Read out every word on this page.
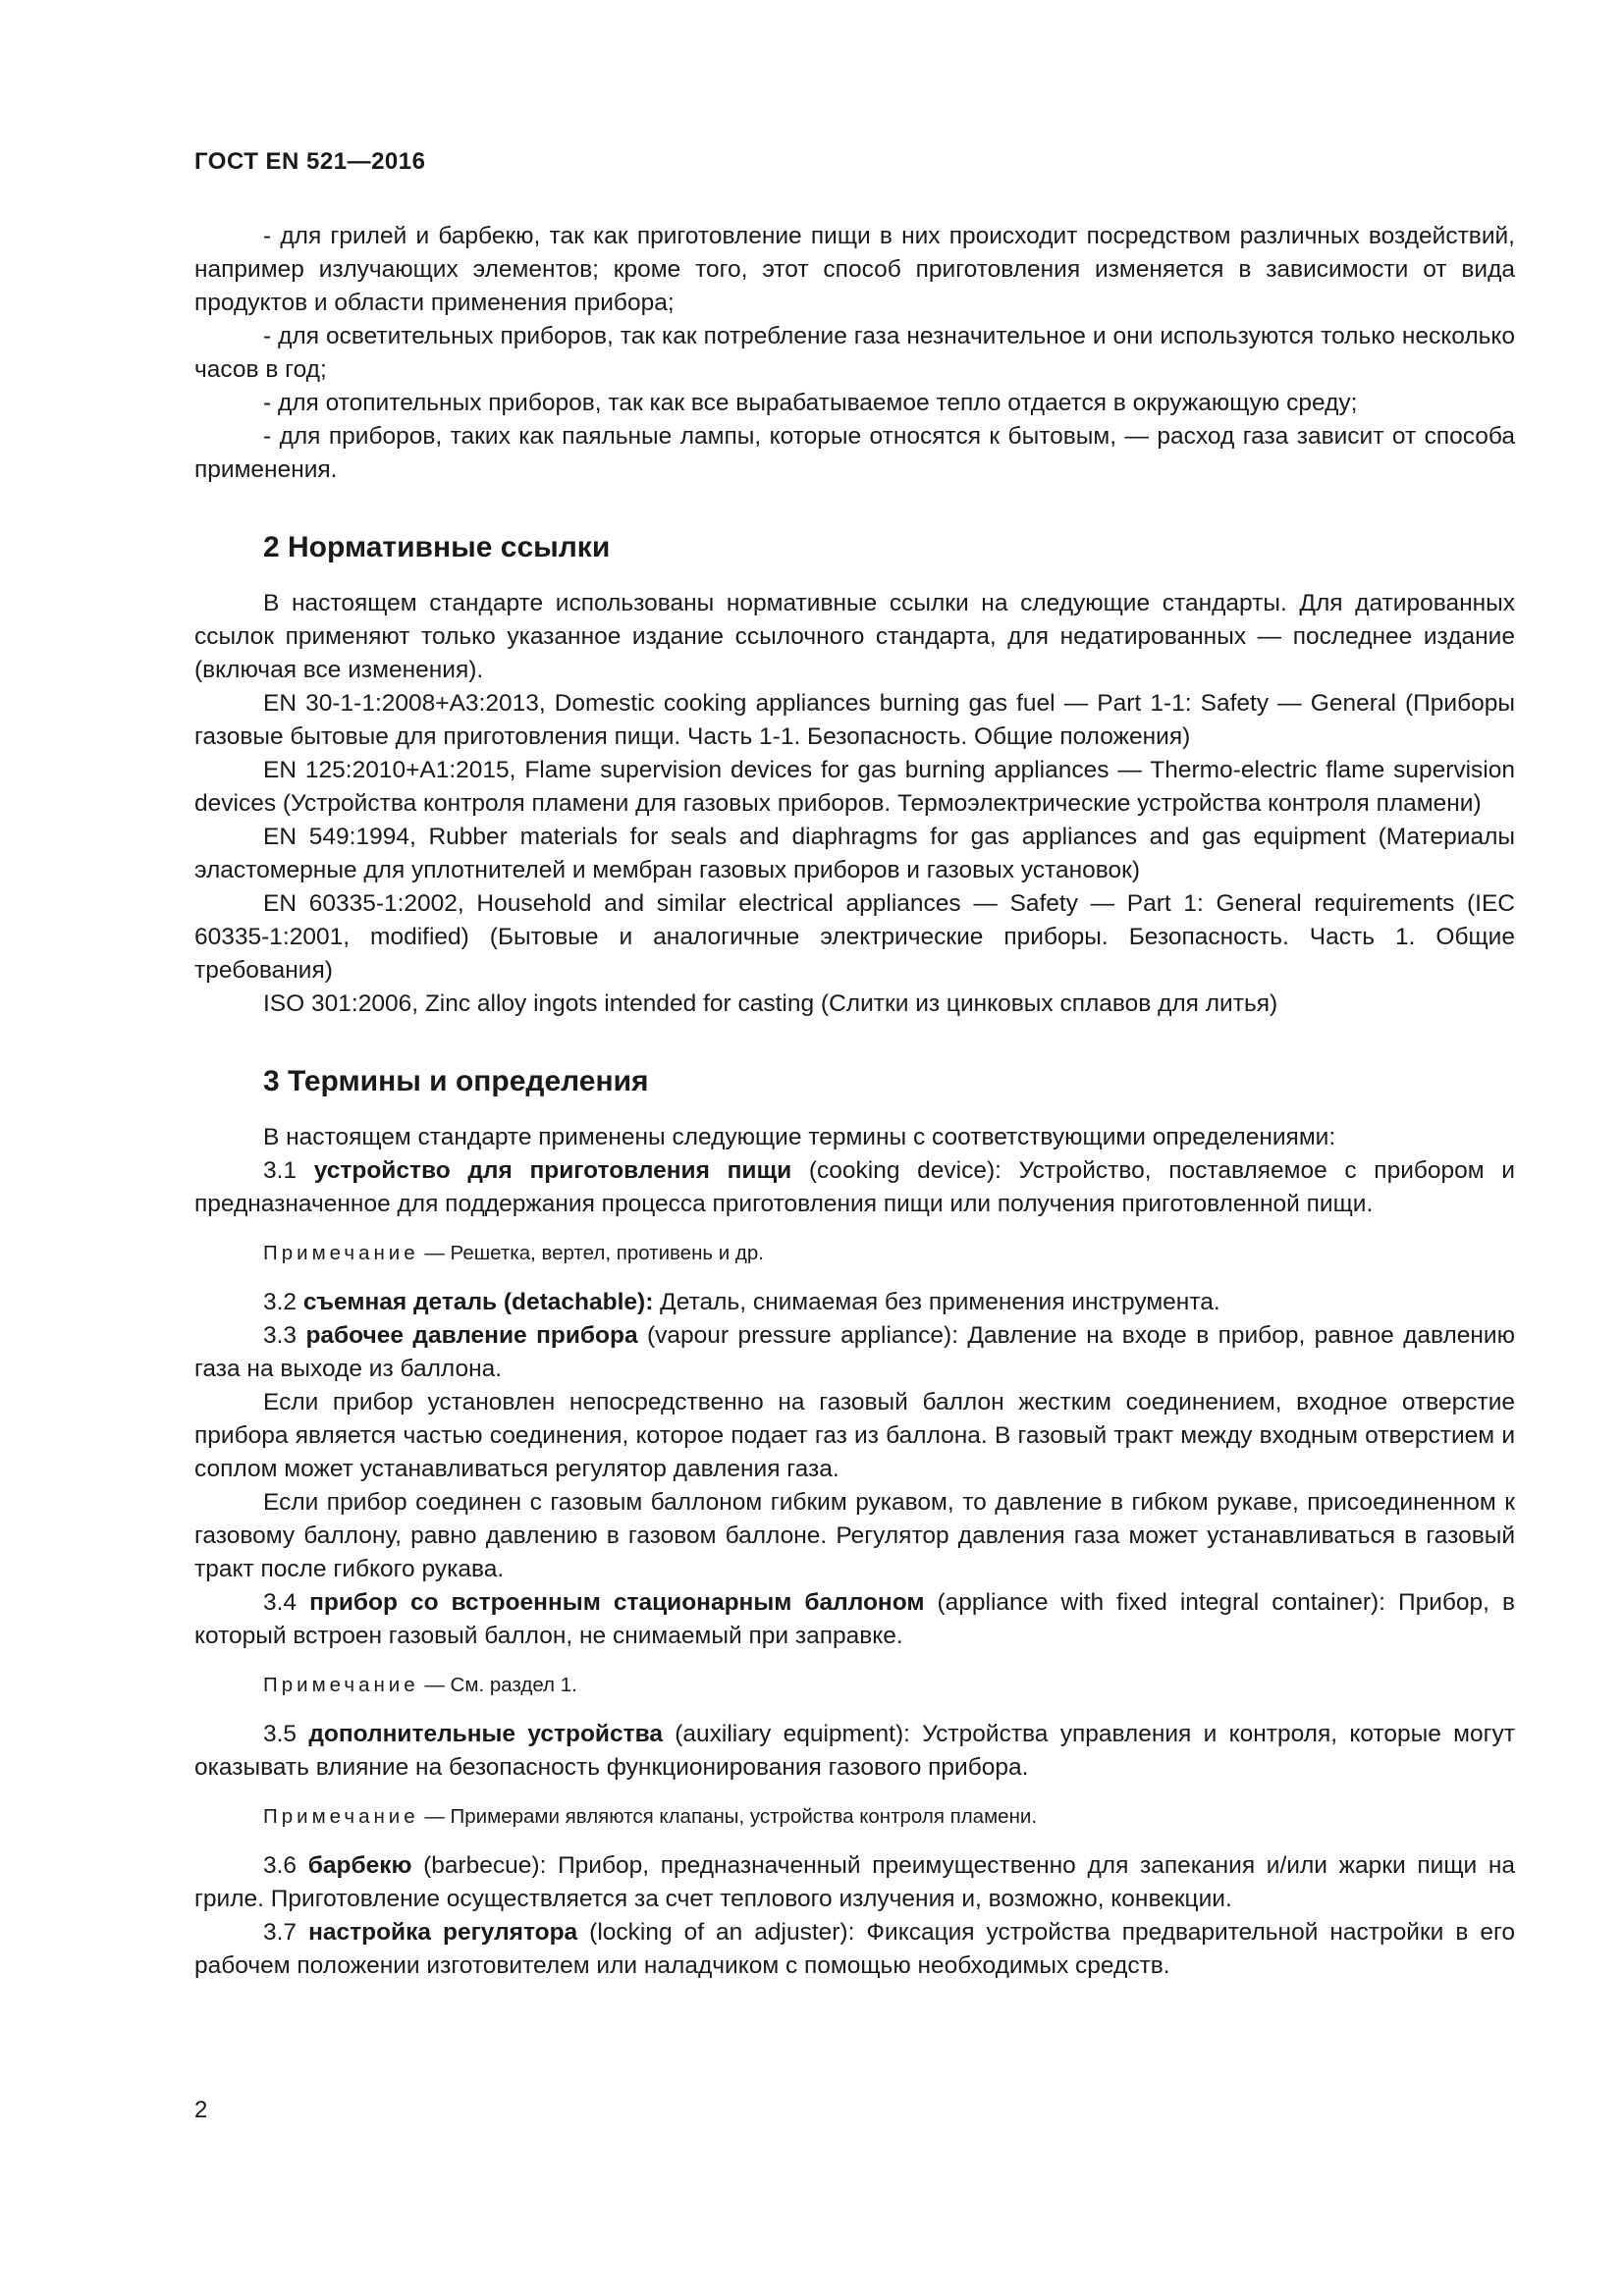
ГОСТ EN 521—2016

- для грилей и барбекю, так как приготовление пищи в них происходит посредством различных воздействий, например излучающих элементов; кроме того, этот способ приготовления изменяется в зависимости от вида продуктов и области применения прибора;

- для осветительных приборов, так как потребление газа незначительное и они используются только несколько часов в год;

- для отопительных приборов, так как все вырабатываемое тепло отдается в окружающую среду;

- для приборов, таких как паяльные лампы, которые относятся к бытовым, — расход газа зависит от способа применения.

2 Нормативные ссылки

В настоящем стандарте использованы нормативные ссылки на следующие стандарты. Для датированных ссылок применяют только указанное издание ссылочного стандарта, для недатированных — последнее издание (включая все изменения).

EN 30-1-1:2008+A3:2013, Domestic cooking appliances burning gas fuel — Part 1-1: Safety — General (Приборы газовые бытовые для приготовления пищи. Часть 1-1. Безопасность. Общие положения)

EN 125:2010+A1:2015, Flame supervision devices for gas burning appliances — Thermo-electric flame supervision devices (Устройства контроля пламени для газовых приборов. Термоэлектрические устройства контроля пламени)

EN 549:1994, Rubber materials for seals and diaphragms for gas appliances and gas equipment (Материалы эластомерные для уплотнителей и мембран газовых приборов и газовых установок)

EN 60335-1:2002, Household and similar electrical appliances — Safety — Part 1: General requirements (IEC 60335-1:2001, modified) (Бытовые и аналогичные электрические приборы. Безопасность. Часть 1. Общие требования)

ISO 301:2006, Zinc alloy ingots intended for casting (Слитки из цинковых сплавов для литья)

3 Термины и определения

В настоящем стандарте применены следующие термины с соответствующими определениями:

3.1 устройство для приготовления пищи (cooking device): Устройство, поставляемое с прибором и предназначенное для поддержания процесса приготовления пищи или получения приготовленной пищи.

Примечание — Решетка, вертел, противень и др.

3.2 съемная деталь (detachable): Деталь, снимаемая без применения инструмента.

3.3 рабочее давление прибора (vapour pressure appliance): Давление на входе в прибор, равное давлению газа на выходе из баллона.

Если прибор установлен непосредственно на газовый баллон жестким соединением, входное отверстие прибора является частью соединения, которое подает газ из баллона. В газовый тракт между входным отверстием и соплом может устанавливаться регулятор давления газа.

Если прибор соединен с газовым баллоном гибким рукавом, то давление в гибком рукаве, присоединенном к газовому баллону, равно давлению в газовом баллоне. Регулятор давления газа может устанавливаться в газовый тракт после гибкого рукава.

3.4 прибор со встроенным стационарным баллоном (appliance with fixed integral container): Прибор, в который встроен газовый баллон, не снимаемый при заправке.

Примечание — См. раздел 1.

3.5 дополнительные устройства (auxiliary equipment): Устройства управления и контроля, которые могут оказывать влияние на безопасность функционирования газового прибора.

Примечание — Примерами являются клапаны, устройства контроля пламени.

3.6 барбекю (barbecue): Прибор, предназначенный преимущественно для запекания и/или жарки пищи на гриле. Приготовление осуществляется за счет теплового излучения и, возможно, конвекции.

3.7 настройка регулятора (locking of an adjuster): Фиксация устройства предварительной настройки в его рабочем положении изготовителем или наладчиком с помощью необходимых средств.

2
